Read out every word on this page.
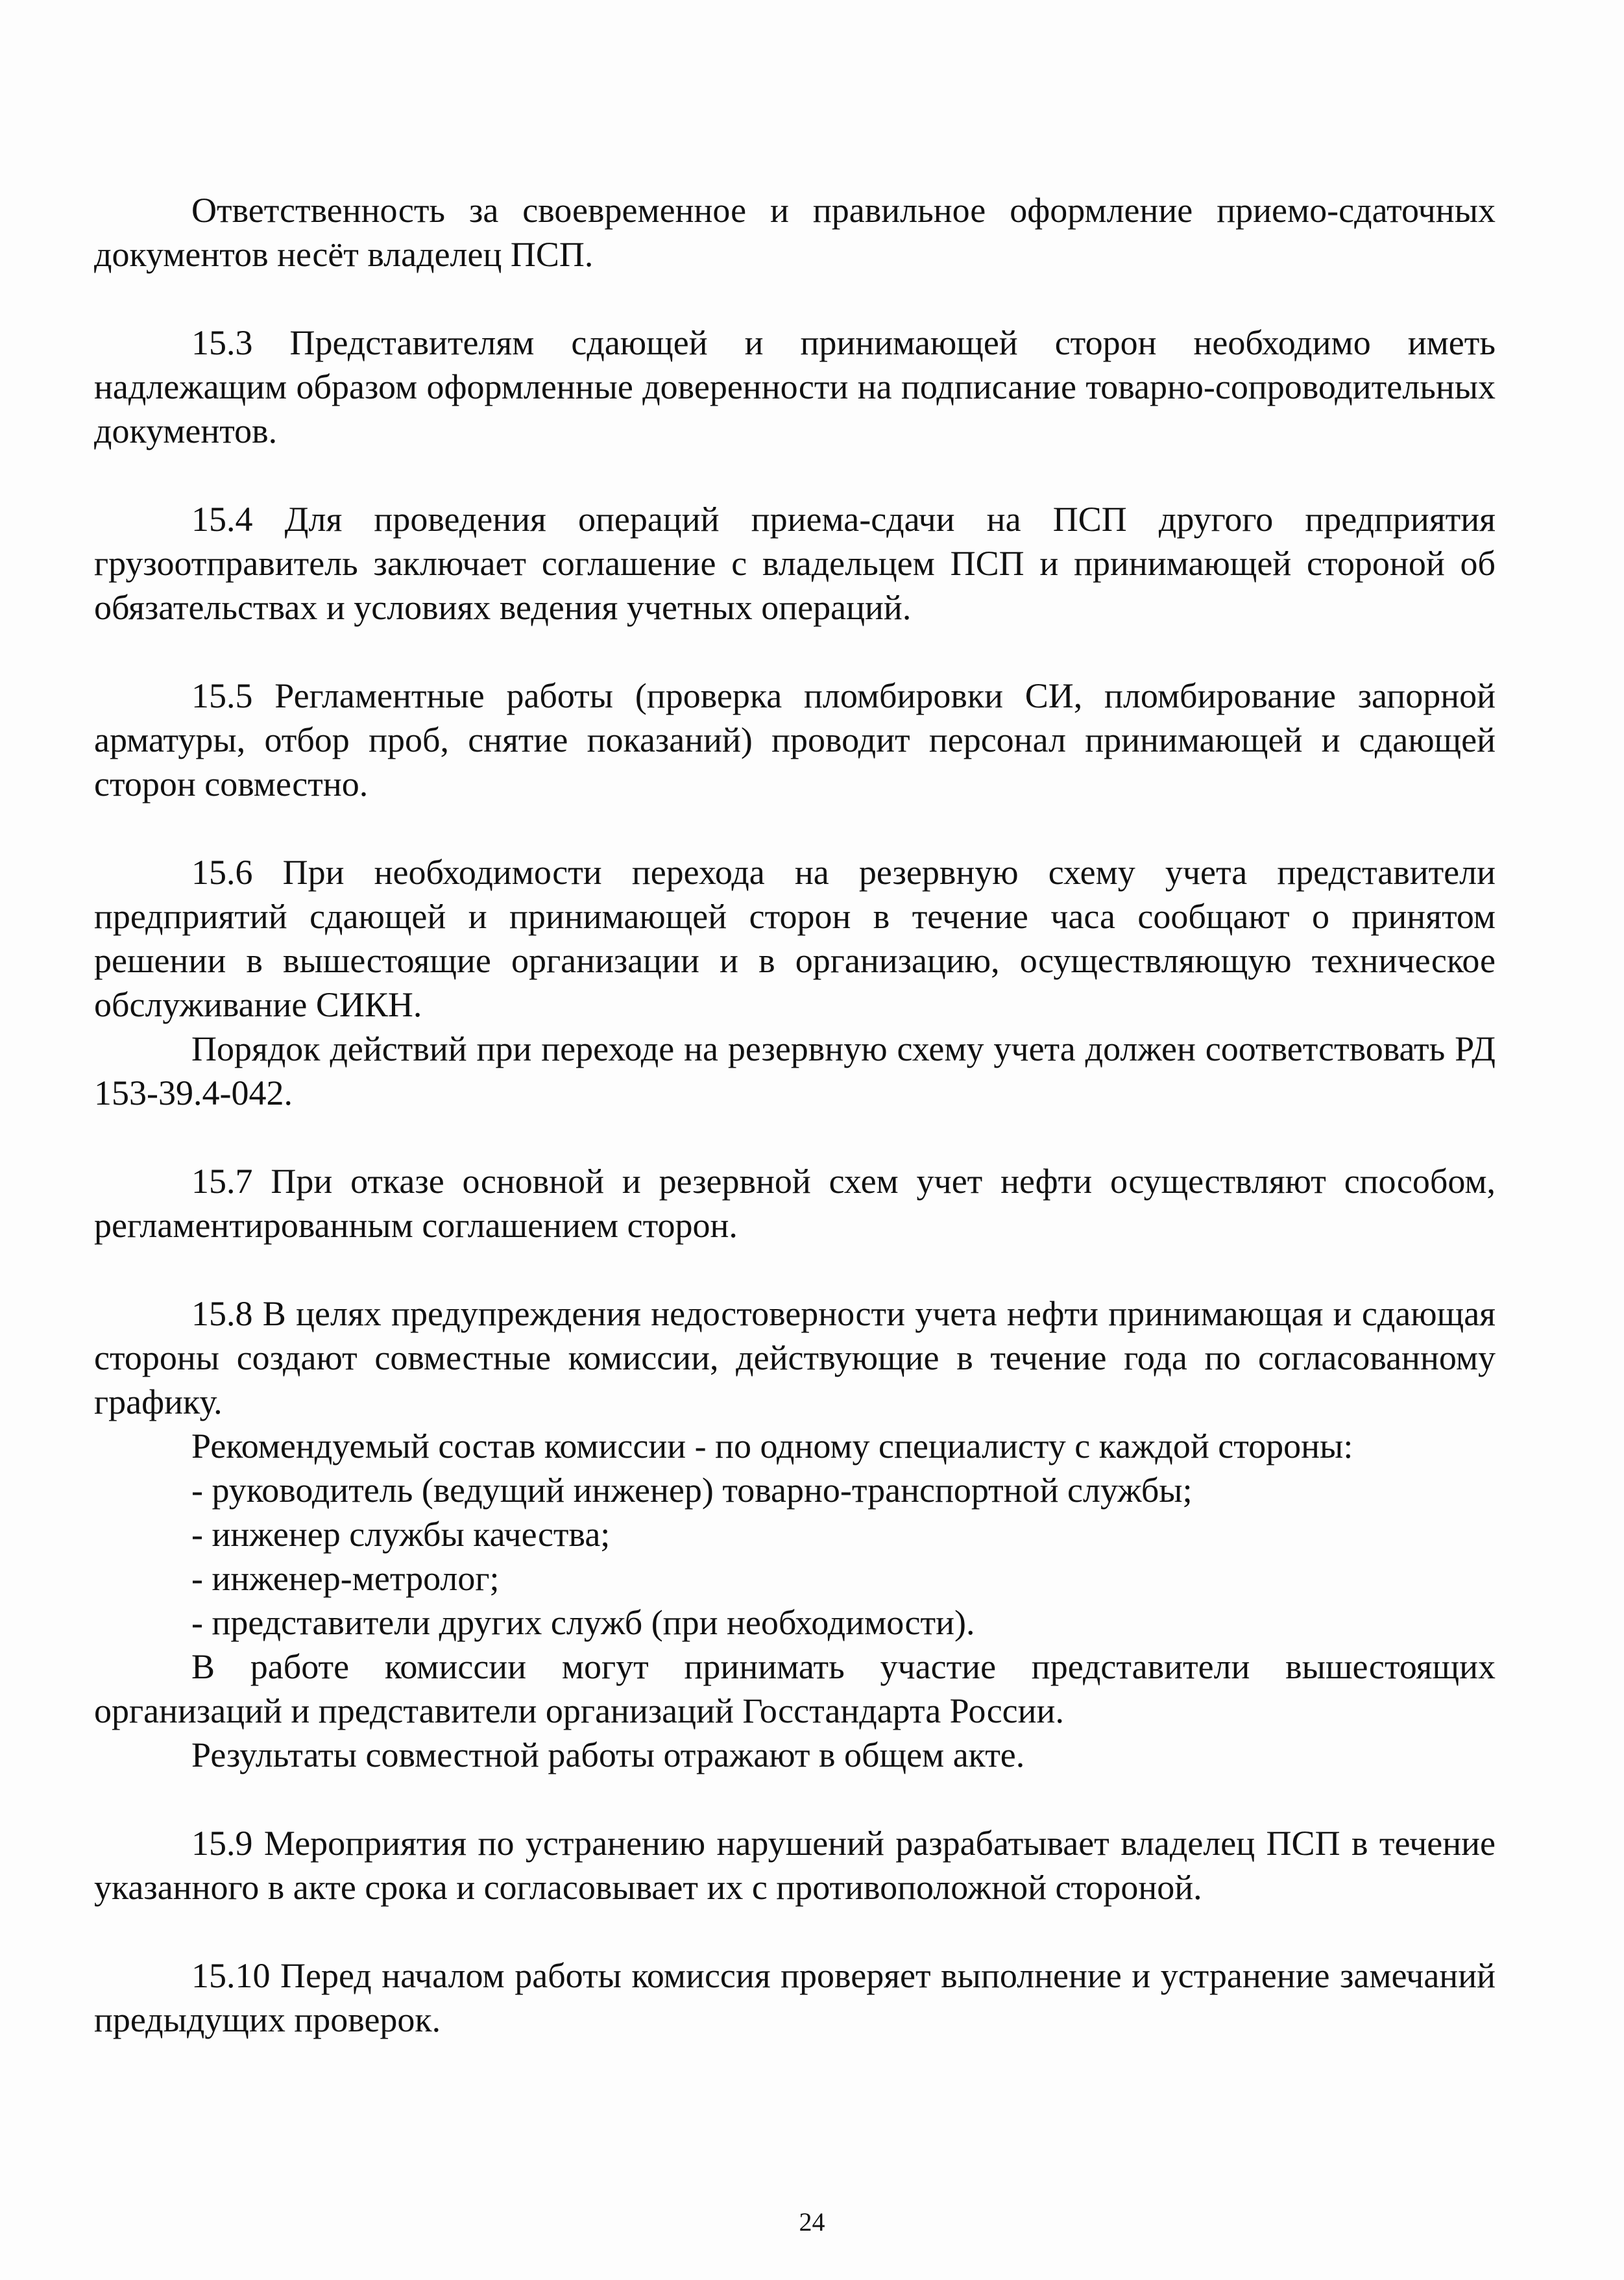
Ответственность за своевременное и правильное оформление приемо-сдаточных документов несёт владелец ПСП.

15.3 Представителям сдающей и принимающей сторон необходимо иметь надлежащим образом оформленные доверенности на подписание товарно-сопроводительных документов.

15.4 Для проведения операций приема-сдачи на ПСП другого предприятия грузоотправитель заключает соглашение с владельцем ПСП и принимающей стороной об обязательствах и условиях ведения учетных операций.

15.5 Регламентные работы (проверка пломбировки СИ, пломбирование запорной арматуры, отбор проб, снятие показаний) проводит персонал принимающей и сдающей сторон совместно.

15.6 При необходимости перехода на резервную схему учета представители предприятий сдающей и принимающей сторон в течение часа сообщают о принятом решении в вышестоящие организации и в организацию, осуществляющую техническое обслуживание СИКН.

Порядок действий при переходе на резервную схему учета должен соответствовать РД 153-39.4-042.

15.7 При отказе основной и резервной схем учет нефти осуществляют способом, регламентированным соглашением сторон.

15.8 В целях предупреждения недостоверности учета нефти принимающая и сдающая стороны создают совместные комиссии, действующие в течение года по согласованному графику.

Рекомендуемый состав комиссии - по одному специалисту с каждой стороны:

- руководитель (ведущий инженер) товарно-транспортной службы;

- инженер службы качества;

- инженер-метролог;

- представители других служб (при необходимости).

В работе комиссии могут принимать участие представители вышестоящих организаций и представители организаций Госстандарта России.

Результаты совместной работы отражают в общем акте.

15.9 Мероприятия по устранению нарушений разрабатывает владелец ПСП в течение указанного в акте срока и согласовывает их с противоположной стороной.

15.10 Перед началом работы комиссия проверяет выполнение и устранение замечаний предыдущих проверок.

24
